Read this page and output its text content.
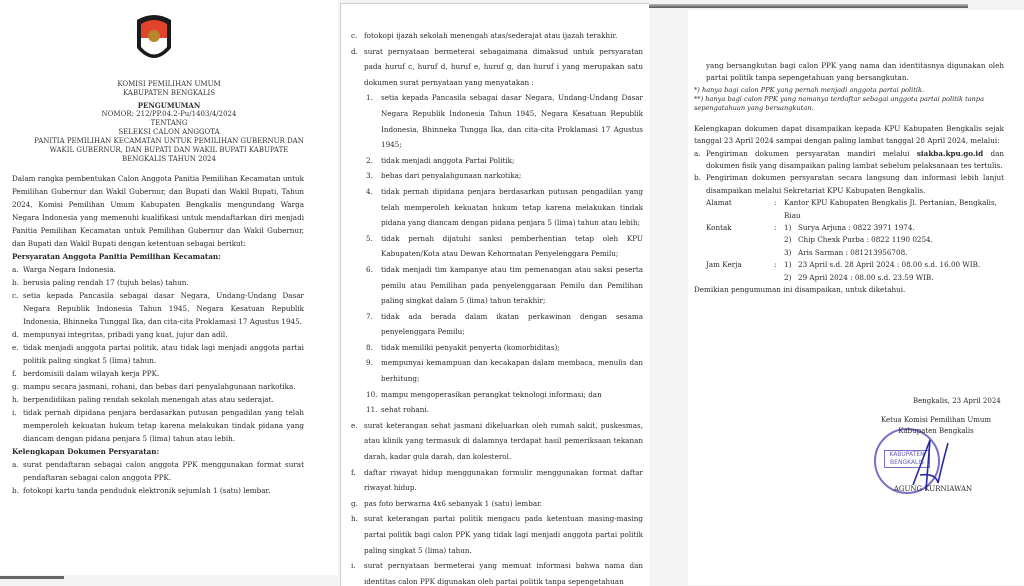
KOMISI PEMILIHAN UMUM
KABUPATEN BENGKALIS
PENGUMUMAN
NOMOR: 212/PP.04.2-Pu/1403/4/2024
TENTANG
SELEKSI CALON ANGGOTA
PANITIA PEMILIHAN KECAMATAN UNTUK PEMILIHAN GUBERNUR DAN
WAKIL GUBERNUR, DAN BUPATI DAN WAKIL BUPATI KABUPATE
BENGKALIS TAHUN 2024
Dalam rangka pembentukan Calon Anggota Panitia Pemilihan Kecamatan untuk Pemilihan Gubernur dan Wakil Gubernur, dan Bupati dan Wakil Bupati, Tahun 2024, Komisi Pemilihan Umum Kabupaten Bengkalis mengundang Warga Negara Indonesia yang memenuhi kualifikasi untuk mendaftarkan diri menjadi Panitia Pemilihan Kecamatan untuk Pemilihan Gubernur dan Wakil Gubernur, dan Bupati dan Wakil Bupati dengan ketentuan sebagai berikut:
Persyaratan Anggota Panitia Pemilihan Kecamatan:
a. Warga Negara Indonesia.
b. berusia paling rendah 17 (tujuh belas) tahun.
c. setia kepada Pancasila sebagai dasar Negara, Undang-Undang Dasar Negara Republik Indonesia Tahun 1945, Negara Kesatuan Republik Indonesia, Bhinneka Tunggal Ika, dan cita-cita Proklamasi 17 Agustus 1945.
d. mempunyai integritas, pribadi yang kuat, jujur dan adil.
e. tidak menjadi anggota partai politik, atau tidak lagi menjadi anggota partai politik paling singkat 5 (lima) tahun.
f. berdomisili dalam wilayah kerja PPK.
g. mampu secara jasmani, rohani, dan bebas dari penyalahgunaan narkotika.
h. berpendidikan paling rendah sekolah menengah atas atau sederajat.
i. tidak pernah dipidana penjara berdasarkan putusan pengadilan yang telah memperoleh kekuatan hukum tetap karena melakukan tindak pidana yang diancam dengan pidana penjara 5 (lima) tahun atau lebih.
Kelengkapan Dokumen Persyaratan:
a. surat pendaftaran sebagai calon anggota PPK menggunakan format surat pendaftaran sebagai calon anggota PPK.
b. fotokopi kartu tanda penduduk elektronik sejumlah 1 (satu) lembar.
c. fotokopi ijazah sekolah menengah atas/sederajat atau ijazah terakhir.
d. surat pernyataan bermeterai sebagaimana dimaksud untuk persyaratan pada huruf c, huruf d, huruf e, huruf g, dan huruf i yang merupakan satu dokumen surat pernyataan yang menyatakan :
1.	setia kepada Pancasila sebagai dasar Negara, Undang-Undang Dasar Negara Republik Indonesia Tahun 1945, Negara Kesatuan Republik Indonesia, Bhinneka Tungga Ika, dan cita-cita Proklamasi 17 Agustus 1945;
2.	tidak menjadi anggota Partai Politik;
3.	bebas dari penyalahgunaan narkotika;
4.	tidak pernah dipidana penjara berdasarkan putusan pengadilan yang telah memperoleh kekuatan hukum tetap karena melakukan tindak pidana yang diancam dengan pidana penjara 5 (lima) tahun atau lebih;
5.	tidak pernah dijatuhi sanksi pemberhentian tetap oleh KPU Kabupaten/Kota atau Dewan Kehormatan Penyelenggara Pemilu;
6.	tidak menjadi tim kampanye atau tim pemenangan atau saksi peserta pemilu atau Pemilihan pada penyelenggaraan Pemilu dan Pemilihan paling singkat dalam 5 (lima) tahun terakhir;
7.	tidak ada berada dalam ikatan perkawinan dengan sesama penyelenggara Pemilu;
8.	tidak memiliki penyakit penyerta (komorbiditas);
9.	mempunyai kemampuan dan kecakapan dalam membaca, menulis dan berhitung;
10. mampu mengoperasikan perangkat teknologi informasi; dan
11. sehat rohani.
e. surat keterangan sehat jasmani dikeluarkan oleh rumah sakit, puskesmas, atau klinik yang termasuk di dalamnya terdapat hasil pemeriksaan tekanan darah, kadar gula darah, dan kolesterol.
f.	daftar riwayat hidup menggunakan formulir menggunakan format daftar riwayat hidup.
g. pas foto berwarna 4x6 sebanyak 1 (satu) lembar.
h. surat keterangan partai politik mengacu pada ketentuan masing-masing partai politik bagi calon PPK yang tidak lagi menjadi anggota partai politik paling singkat 5 (lima) tahun.
i.	surat pernyataan bermeterai yang memuat informasi bahwa nama dan identitas calon PPK digunakan oleh partai politik tanpa sepengetahuan
yang bersangkutan bagi calon PPK yang nama dan identitasnya digunakan oleh partai politik tanpa sepengetahuan yang bersangkutan.
*) hanya bagi calon PPK yang pernah menjadi anggota partai politik.
**) hanya bagi calon PPK yang namanya terdaftar sebagai anggota partai politik tanpa sepengatahuan yang bersangkutan.
Kelengkapan dokumen dapat disampaikan kepada KPU Kabupaten Bengkalis sejak tanggal 23 April 2024 sampai dengan paling lambat tanggal 28 April 2024, melalui:
a. Pengiriman dokumen persyaratan mandiri melalui siakba.kpu.go.id dan dokumen fisik yang disampaikan paling lambat sebelum pelaksanaan tes tertulis.
b. Pengiriman dokumen persyaratan secara langsung dan informasi lebih lanjut disampaikan melalui Sekretariat KPU Kabupaten Bengkalis.
Alamat	:	Kantor KPU Kabupaten Bengkalis Jl. Pertanian, Bengkalis, Riau
Kontak	:	1) Surya Arjuna : 0822 3971 1974.
2) Chip Chexk Purba : 0822 1190 0254.
3) Aris Sarman : 081213956708.
Jam Kerja	:	1) 23 April s.d. 28 April 2024 : 08.00 s.d. 16.00 WIB.
2) 29 April 2024 : 08.00 s.d. 23.59 WIB.
Demikian pengumuman ini disampaikan, untuk diketahui.
Bengkalis, 23 April 2024
KABUPATEN BENGKALIS
Ketua Komisi Pemilihan Umum
Kabupaten Bengkalis
AGUNG KURNIAWAN
